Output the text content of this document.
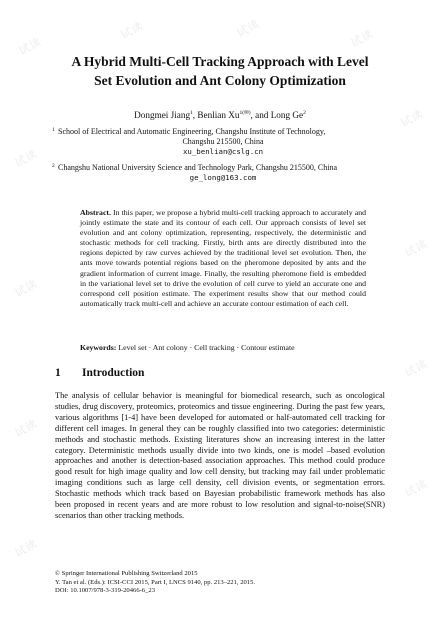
试读
试读	试读	试读
试读
试读
试读
试读
试读
试读
试读
试读
A Hybrid Multi-Cell Tracking Approach with Level
Set Evolution and Ant Colony Optimization
Dongmei Jiang$^1$, Benlian $Xu^{1(✉)}$, and Long Ge$^2$
1 School of Electrical and Automatic Engineering, Changshu Institute of Technology,
Changshu 215500, China
xu_benlian@cslg.cn
2 Changshu National University Science and Technology Park, Changshu 215500, China
ge_long@163.com
Abstract. In this paper, we propose a hybrid multi-cell tracking approach to accurately and jointly estimate the state and its contour of each cell. Our approach consists of level set evolution and ant colony optimization, representing, respectively, the deterministic and stochastic methods for cell tracking. Firstly, birth ants are directly distributed into the regions depicted by raw curves achieved by the traditional level set evolution. Then, the ants move towards potential regions based on the pheromone deposited by ants and the gradient information of current image. Finally, the resulting pheromone field is embedded in the variational level set to drive the evolution of cell curve to yield an accurate one and correspond cell position estimate. The experiment results show that our method could automatically track multi-cell and achieve an accurate contour estimation of each cell.
Keywords: Level set · Ant colony · Cell tracking · Contour estimate
1 Introduction
The analysis of cellular behavior is meaningful for biomedical research, such as oncological studies, drug discovery, proteomics, proteomics and tissue engineering. During the past few years, various algorithms [1-4] have been developed for automated or half-automated cell tracking for different cell images. In general they can be roughly classified into two categories: deterministic methods and stochastic methods. Existing literatures show an increasing interest in the latter category. Deterministic methods usually divide into two kinds, one is model –based evolution approaches and another is detection-based association approaches. This method could produce good result for high image quality and low cell density, but tracking may fail under problematic imaging conditions such as large cell density, cell division events, or segmentation errors. Stochastic methods which track based on Bayesian probabilistic framework methods has also been proposed in recent years and are more robust to low resolution and signal-to-noise(SNR) scenarios than other tracking methods.
© Springer International Publishing Switzerland 2015
Y. Tan et al. (Eds.): ICSI-CCI 2015, Part I, LNCS 9140, pp. 213–221, 2015.
DOI: 10.1007/978-3-319-20466-6_23
